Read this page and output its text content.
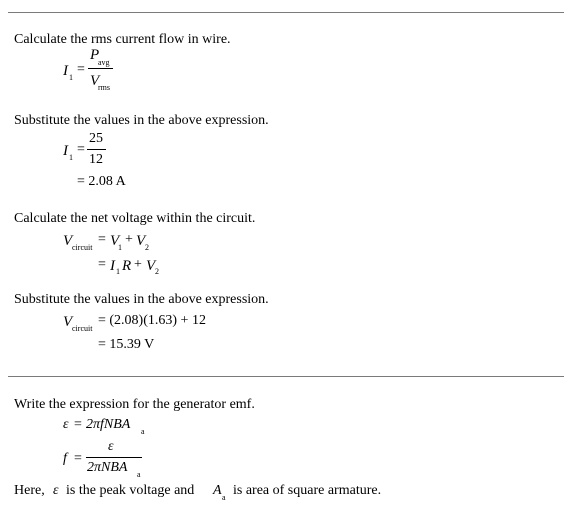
Calculate the rms current flow in wire.
I 1
=
P
avg
V
rms
Substitute the values in the above expression.
I 1
=
25
12
= 2.08 A
Calculate the net voltage within the circuit.
V circuit
= V
1
+ V 2
= I 1 R + V 2
Substitute the values in the above expression.
V circuit
= (2.08)(1.63) + 12
= 15.39 V
Write the expression for the generator emf.
ε = 2πfNBA a
f =
ε
2πNBA a
Here, ε is the peak voltage and A a is area of square armature.
